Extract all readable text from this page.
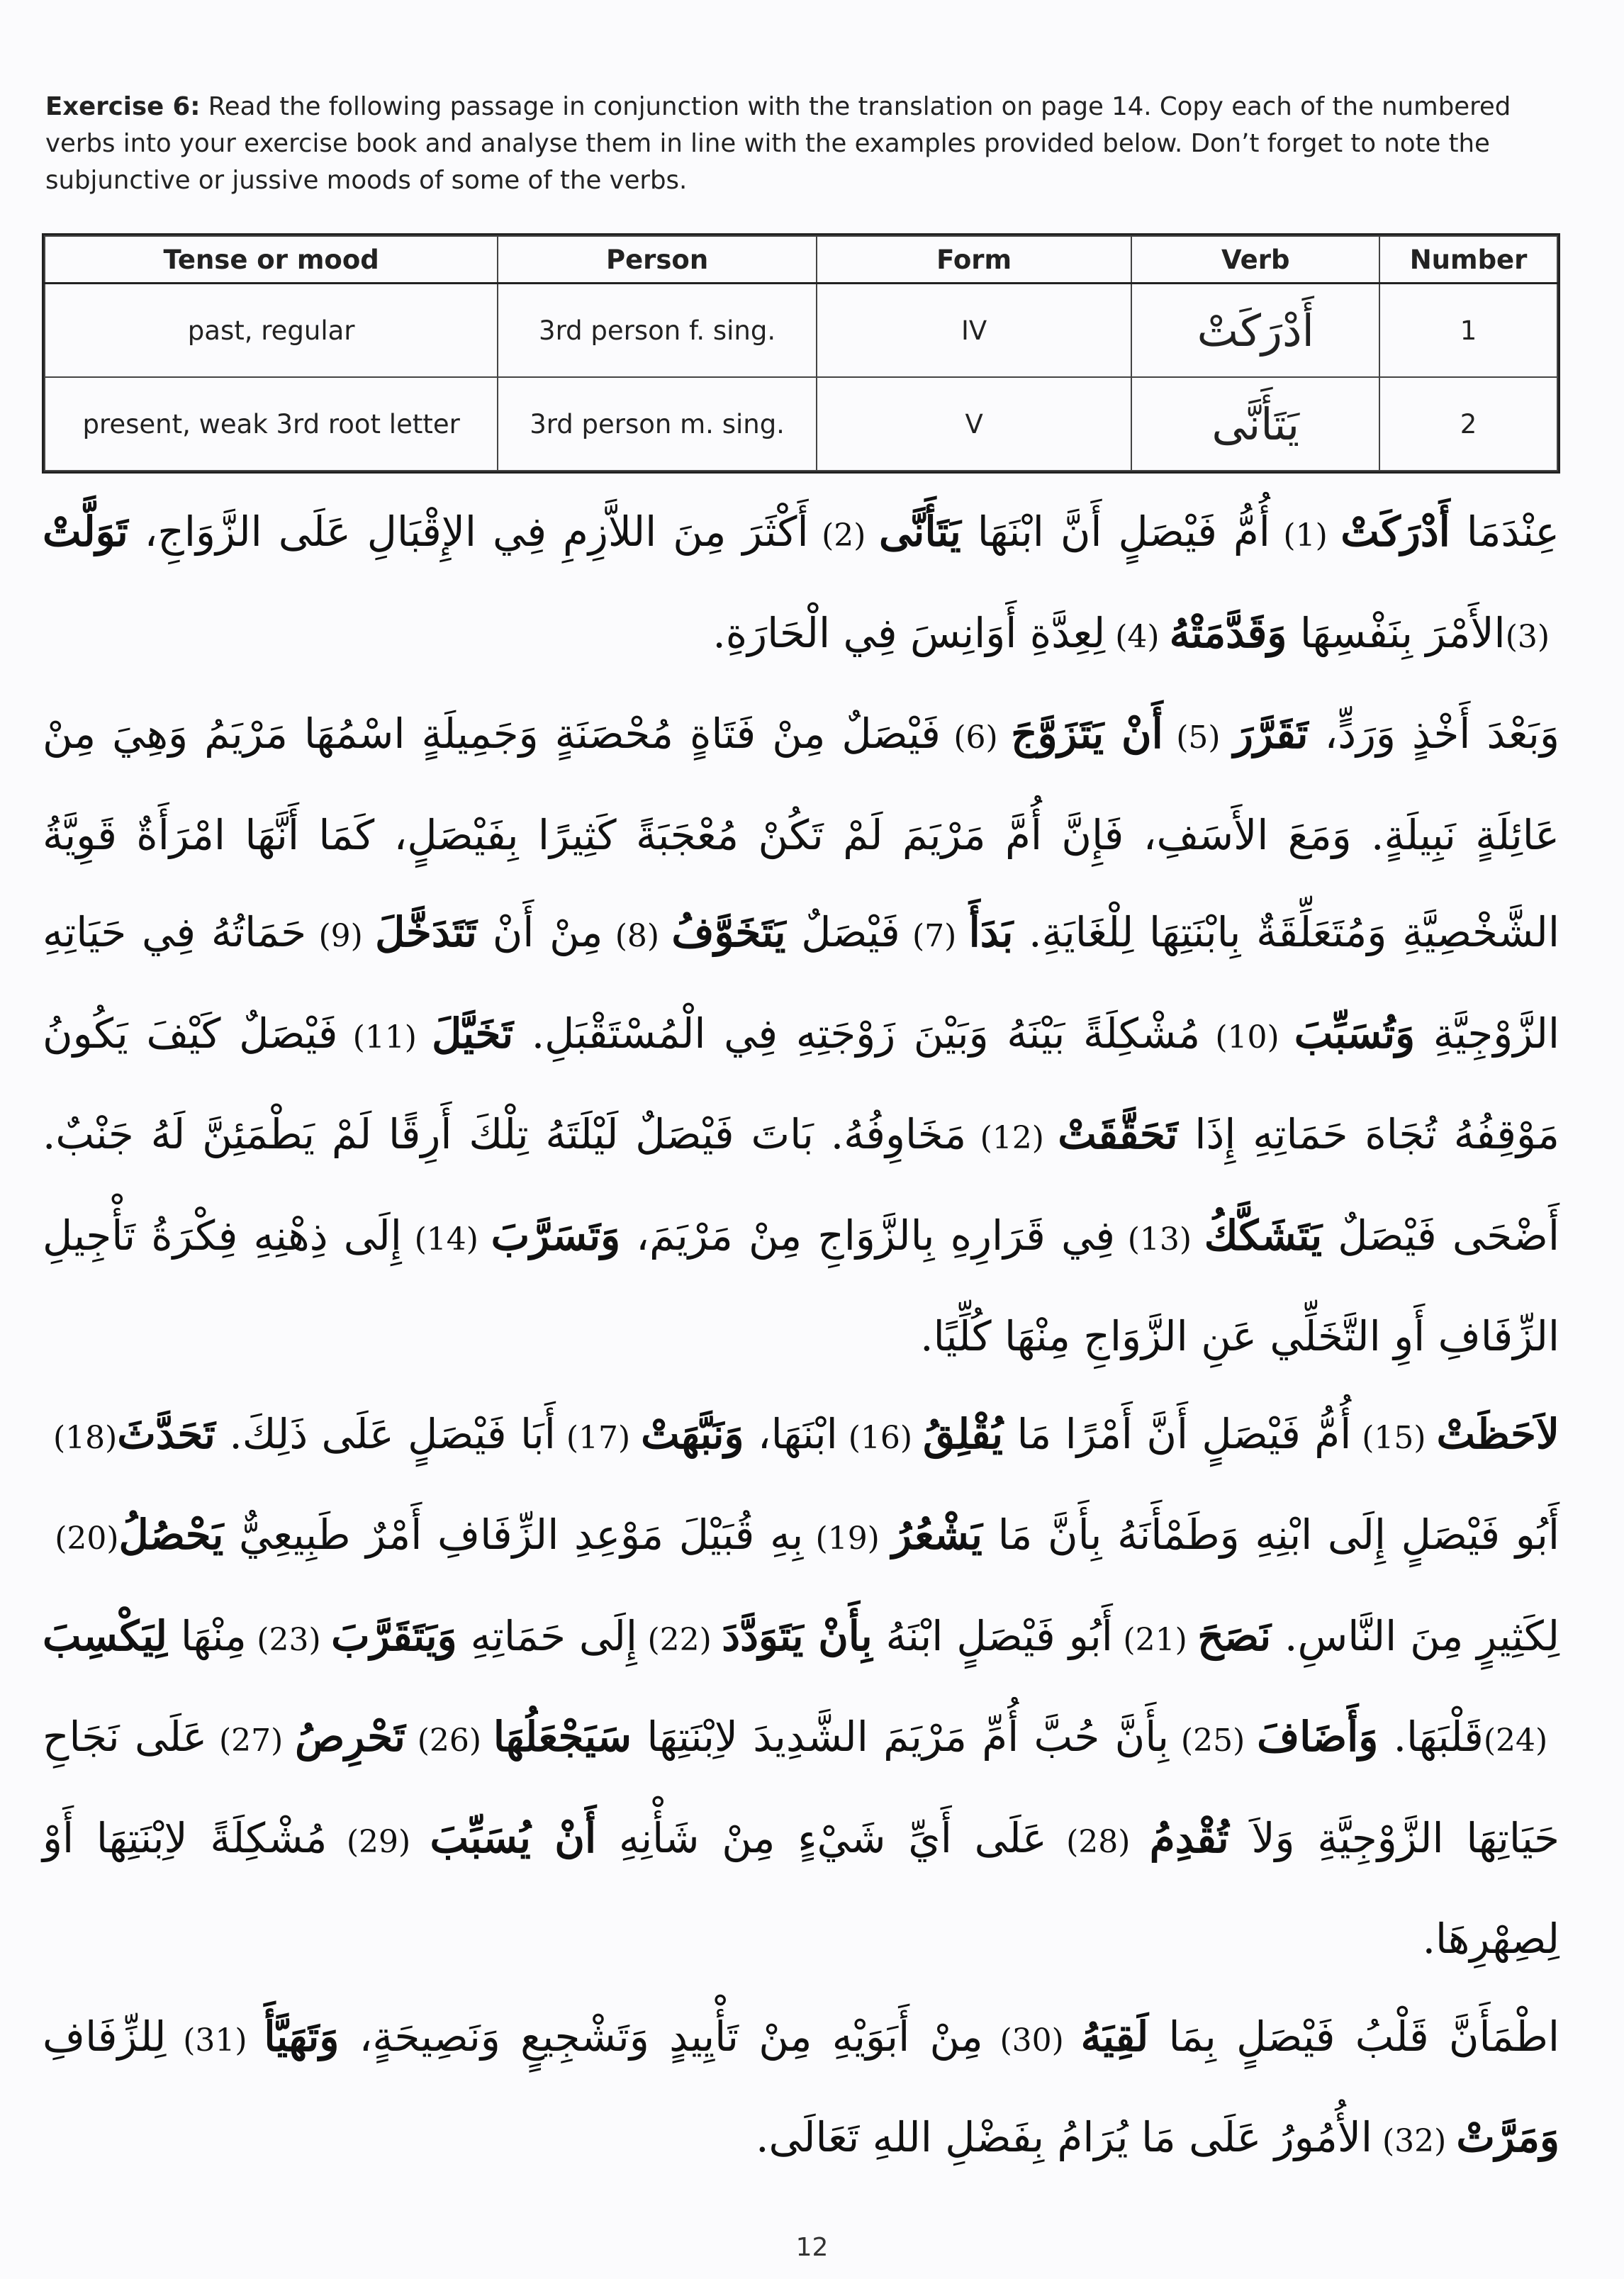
Exercise 6: Read the following passage in conjunction with the translation on page 14. Copy each of the numbered verbs into your exercise book and analyse them in line with the examples provided below. Don’t forget to note the subjunctive or jussive moods of some of the verbs.
Tense or mood	Person	Form	Verb	Number
past, regular	3rd person f. sing.	IV	أَدْرَكَتْ	1
present, weak 3rd root letter	3rd person m. sing.	V	يَتَأَنَّى	2

عِنْدَمَا أَدْرَكَتْ (1) أُمُّ فَيْصَلٍ أَنَّ ابْنَهَا يَتَأَنَّى (2) أَكْثَرَ مِنَ اللاَّزِمِ فِي الإِقْبَالِ عَلَى الزَّوَاجِ، تَوَلَّتْ (3) الأَمْرَ بِنَفْسِهَا وَقَدَّمَتْهُ (4) لِعِدَّةِ أَوَانِسَ فِي الْحَارَةِ.

وَبَعْدَ أَخْذٍ وَرَدٍّ، تَقَرَّرَ (5) أَنْ يَتَزَوَّجَ (6) فَيْصَلٌ مِنْ فَتَاةٍ مُحْصَنَةٍ وَجَمِيلَةٍ اسْمُهَا مَرْيَمُ وَهِيَ مِنْ عَائِلَةٍ نَبِيلَةٍ. وَمَعَ الأَسَفِ، فَإِنَّ أُمَّ مَرْيَمَ لَمْ تَكُنْ مُعْجَبَةً كَثِيرًا بِفَيْصَلٍ، كَمَا أَنَّهَا امْرَأَةٌ قَوِيَّةُ الشَّخْصِيَّةِ وَمُتَعَلِّقَةٌ بِابْنَتِهَا لِلْغَايَةِ. بَدَأَ (7) فَيْصَلٌ يَتَخَوَّفُ (8) مِنْ أَنْ تَتَدَخَّلَ (9) حَمَاتُهُ فِي حَيَاتِهِ الزَّوْجِيَّةِ وَتُسَبِّبَ (10) مُشْكِلَةً بَيْنَهُ وَبَيْنَ زَوْجَتِهِ فِي الْمُسْتَقْبَلِ. تَخَيَّلَ (11) فَيْصَلٌ كَيْفَ يَكُونُ مَوْقِفُهُ تُجَاهَ حَمَاتِهِ إِذَا تَحَقَّقَتْ (12) مَخَاوِفُهُ. بَاتَ فَيْصَلٌ لَيْلَتَهُ تِلْكَ أَرِقًا لَمْ يَطْمَئِنَّ لَهُ جَنْبٌ. أَضْحَى فَيْصَلٌ يَتَشَكَّكُ (13) فِي قَرَارِهِ بِالزَّوَاجِ مِنْ مَرْيَمَ، وَتَسَرَّبَ (14) إِلَى ذِهْنِهِ فِكْرَةُ تَأْجِيلِ الزِّفَافِ أَوِ التَّخَلِّي عَنِ الزَّوَاجِ مِنْهَا كُلِّيًا.

لاَحَظَتْ (15) أُمُّ فَيْصَلٍ أَنَّ أَمْرًا مَا يُقْلِقُ (16) ابْنَهَا، وَنَبَّهَتْ (17) أَبَا فَيْصَلٍ عَلَى ذَلِكَ. تَحَدَّثَ (18) أَبُو فَيْصَلٍ إِلَى ابْنِهِ وَطَمْأَنَهُ بِأَنَّ مَا يَشْعُرُ (19) بِهِ قُبَيْلَ مَوْعِدِ الزِّفَافِ أَمْرٌ طَبِيعِيٌّ يَحْصُلُ (20) لِكَثِيرٍ مِنَ النَّاسِ. نَصَحَ (21) أَبُو فَيْصَلٍ ابْنَهُ بِأَنْ يَتَوَدَّدَ (22) إِلَى حَمَاتِهِ وَيَتَقَرَّبَ (23) مِنْهَا لِيَكْسِبَ (24) قَلْبَهَا. وَأَضَافَ (25) بِأَنَّ حُبَّ أُمِّ مَرْيَمَ الشَّدِيدَ لاِبْنَتِهَا سَيَجْعَلُهَا (26) تَحْرِصُ (27) عَلَى نَجَاحِ حَيَاتِهَا الزَّوْجِيَّةِ وَلاَ تُقْدِمُ (28) عَلَى أَيِّ شَيْءٍ مِنْ شَأْنِهِ أَنْ يُسَبِّبَ (29) مُشْكِلَةً لاِبْنَتِهَا أَوْ لِصِهْرِهَا.

اطْمَأَنَّ قَلْبُ فَيْصَلٍ بِمَا لَقِيَهُ (30) مِنْ أَبَوَيْهِ مِنْ تَأْيِيدٍ وَتَشْجِيعٍ وَنَصِيحَةٍ، وَتَهَيَّأَ (31) لِلزِّفَافِ وَمَرَّتْ (32) الأُمُورُ عَلَى مَا يُرَامُ بِفَضْلِ اللهِ تَعَالَى.

12
